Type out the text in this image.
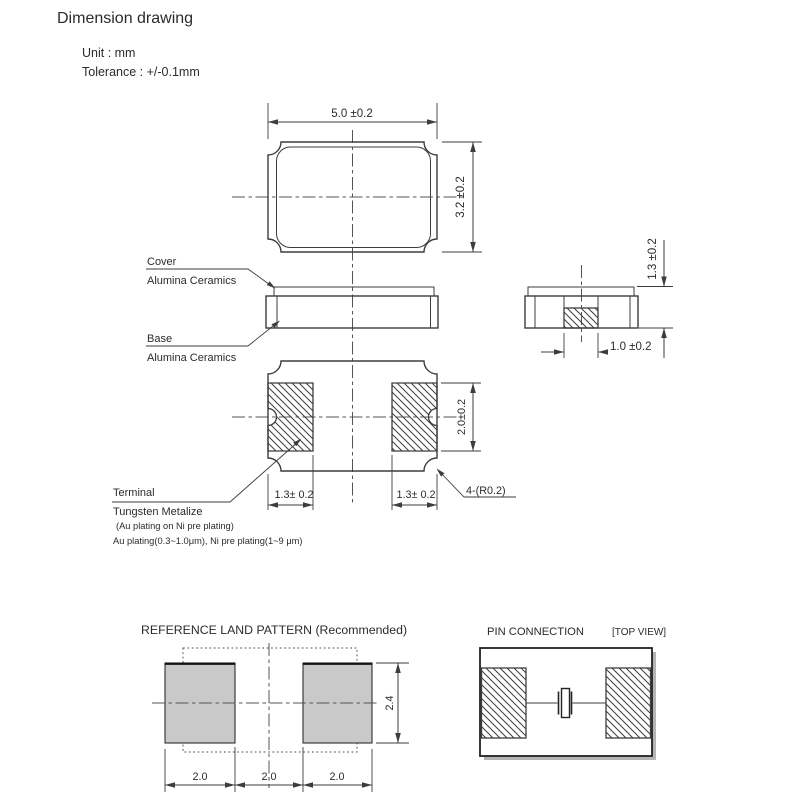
Dimension drawing
Unit : mm
Tolerance : +/-0.1mm
5.0 ±0.2
3.2 ±0.2
Cover
Alumina Ceramics
Base
Alumina Ceramics
1.3 ±0.2
1.0 ±0.2
2.0±0.2
1.3± 0.2	1.3± 0.2	4-(R0.2)
Terminal
Tungsten Metalize
(Au plating on Ni pre plating)
Au plating(0.3~1.0μm), Ni pre plating(1~9 μm)
REFERENCE LAND PATTERN (Recommended)
2.4
2.0	2.0	2.0
PIN CONNECTION	[TOP VIEW]
